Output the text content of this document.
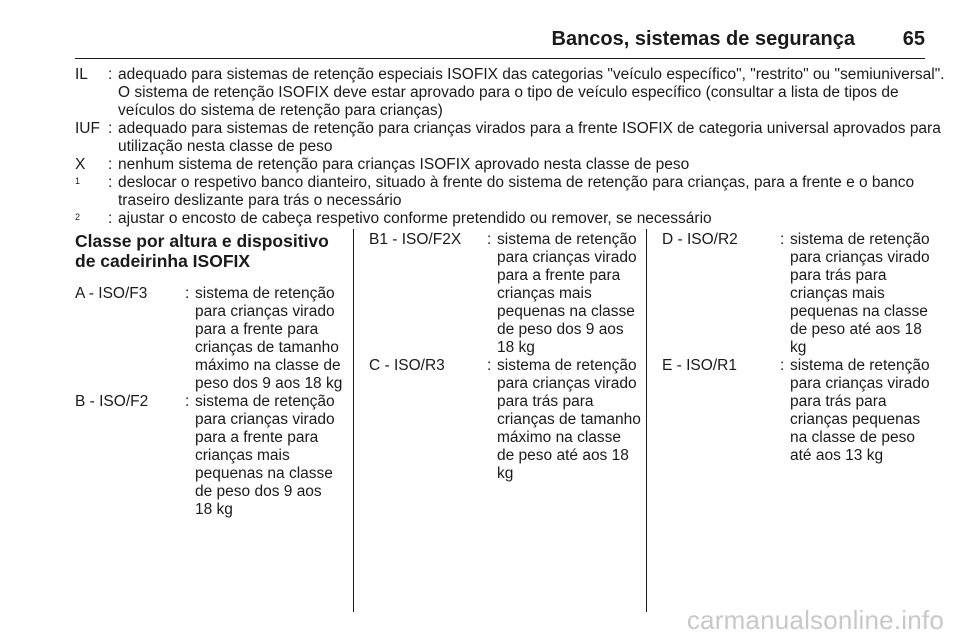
Bancos, sistemas de segurança 65
IL	: adequado para sistemas de retenção especiais ISOFIX das categorias "veículo específico", "restrito" ou "semiuniversal". O sistema de retenção ISOFIX deve estar aprovado para o tipo de veículo específico (consultar a lista de tipos de veículos do sistema de retenção para crianças)
IUF : adequado para sistemas de retenção para crianças virados para a frente ISOFIX de categoria universal aprovados para utilização nesta classe de peso
X	: nenhum sistema de retenção para crianças ISOFIX aprovado nesta classe de peso
$^1$	: deslocar o respetivo banco dianteiro, situado à frente do sistema de retenção para crianças, para a frente e o banco traseiro deslizante para trás o necessário
$^2$	: ajustar o encosto de cabeça respetivo conforme pretendido ou remover, se necessário
Classe por altura e dispositivo de cadeirinha ISOFIX
A - ISO/F3	: sistema de retenção para crianças virado para a frente para crianças de tamanho máximo na classe de peso dos 9 aos 18 kg
B - ISO/F2	: sistema de retenção para crianças virado para a frente para crianças mais pequenas na classe de peso dos 9 aos 18 kg
B1 - ISO/F2X	: sistema de retenção para crianças virado para a frente para crianças mais pequenas na classe de peso dos 9 aos 18 kg
C - ISO/R3	: sistema de retenção para crianças virado para trás para crianças de tamanho máximo na classe de peso até aos 18 kg
D - ISO/R2	: sistema de retenção para crianças virado para trás para crianças mais pequenas na classe de peso até aos 18 kg
E - ISO/R1	: sistema de retenção para crianças virado para trás para crianças pequenas na classe de peso até aos 13 kg
carmanualsonline.info
